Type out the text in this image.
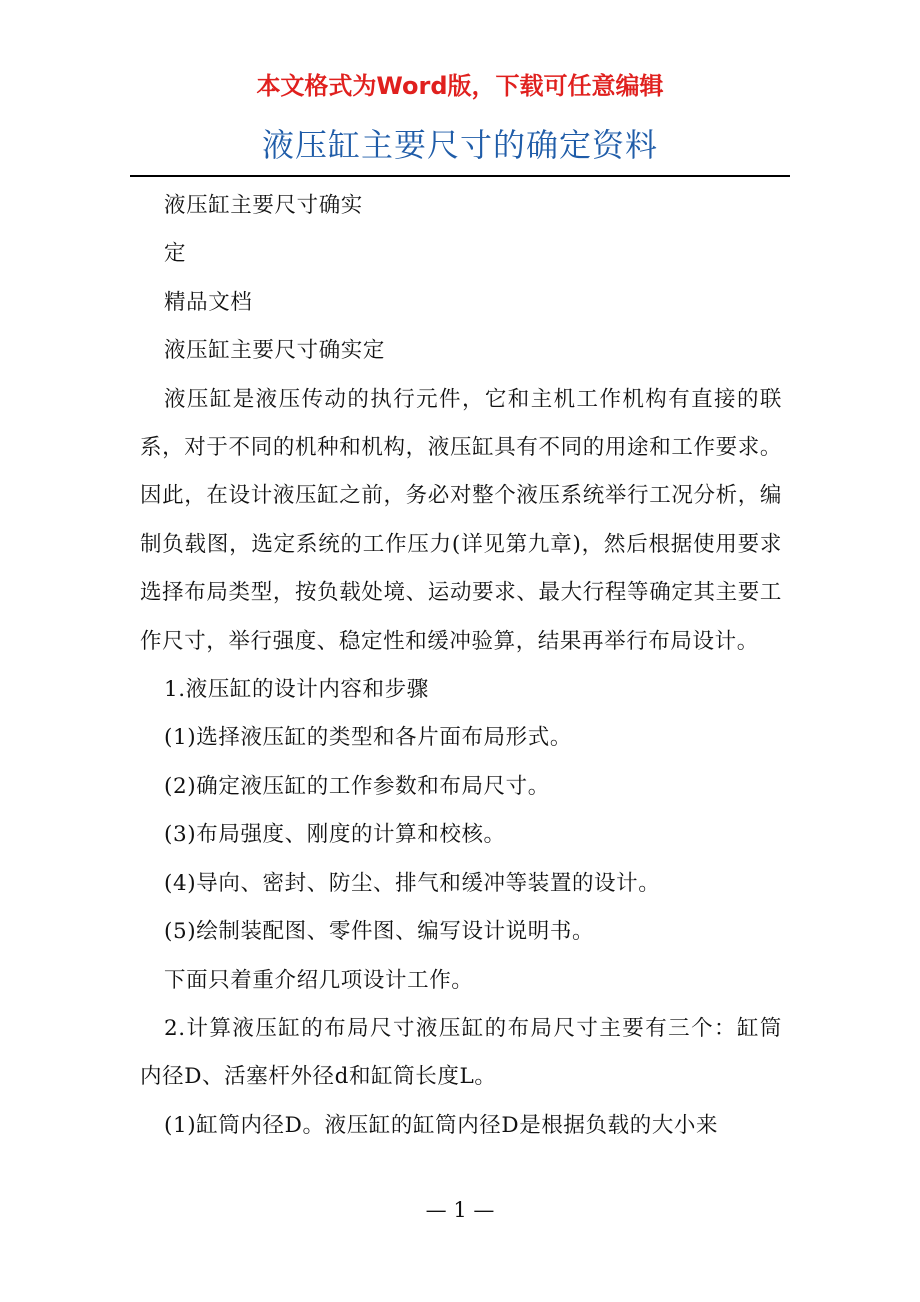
本文格式为Word版，下载可任意编辑
液压缸主要尺寸的确定资料

液压缸主要尺寸确实

定

精品文档

液压缸主要尺寸确实定

液压缸是液压传动的执行元件，它和主机工作机构有直接的联系，对于不同的机种和机构，液压缸具有不同的用途和工作要求。因此，在设计液压缸之前，务必对整个液压系统举行工况分析，编制负载图，选定系统的工作压力(详见第九章)，然后根据使用要求选择布局类型，按负载处境、运动要求、最大行程等确定其主要工作尺寸，举行强度、稳定性和缓冲验算，结果再举行布局设计。

1.液压缸的设计内容和步骤

(1)选择液压缸的类型和各片面布局形式。

(2)确定液压缸的工作参数和布局尺寸。

(3)布局强度、刚度的计算和校核。

(4)导向、密封、防尘、排气和缓冲等装置的设计。

(5)绘制装配图、零件图、编写设计说明书。

下面只着重介绍几项设计工作。

2.计算液压缸的布局尺寸液压缸的布局尺寸主要有三个：缸筒内径D、活塞杆外径d和缸筒长度L。

(1)缸筒内径D。液压缸的缸筒内径D是根据负载的大小来

— 1 —
